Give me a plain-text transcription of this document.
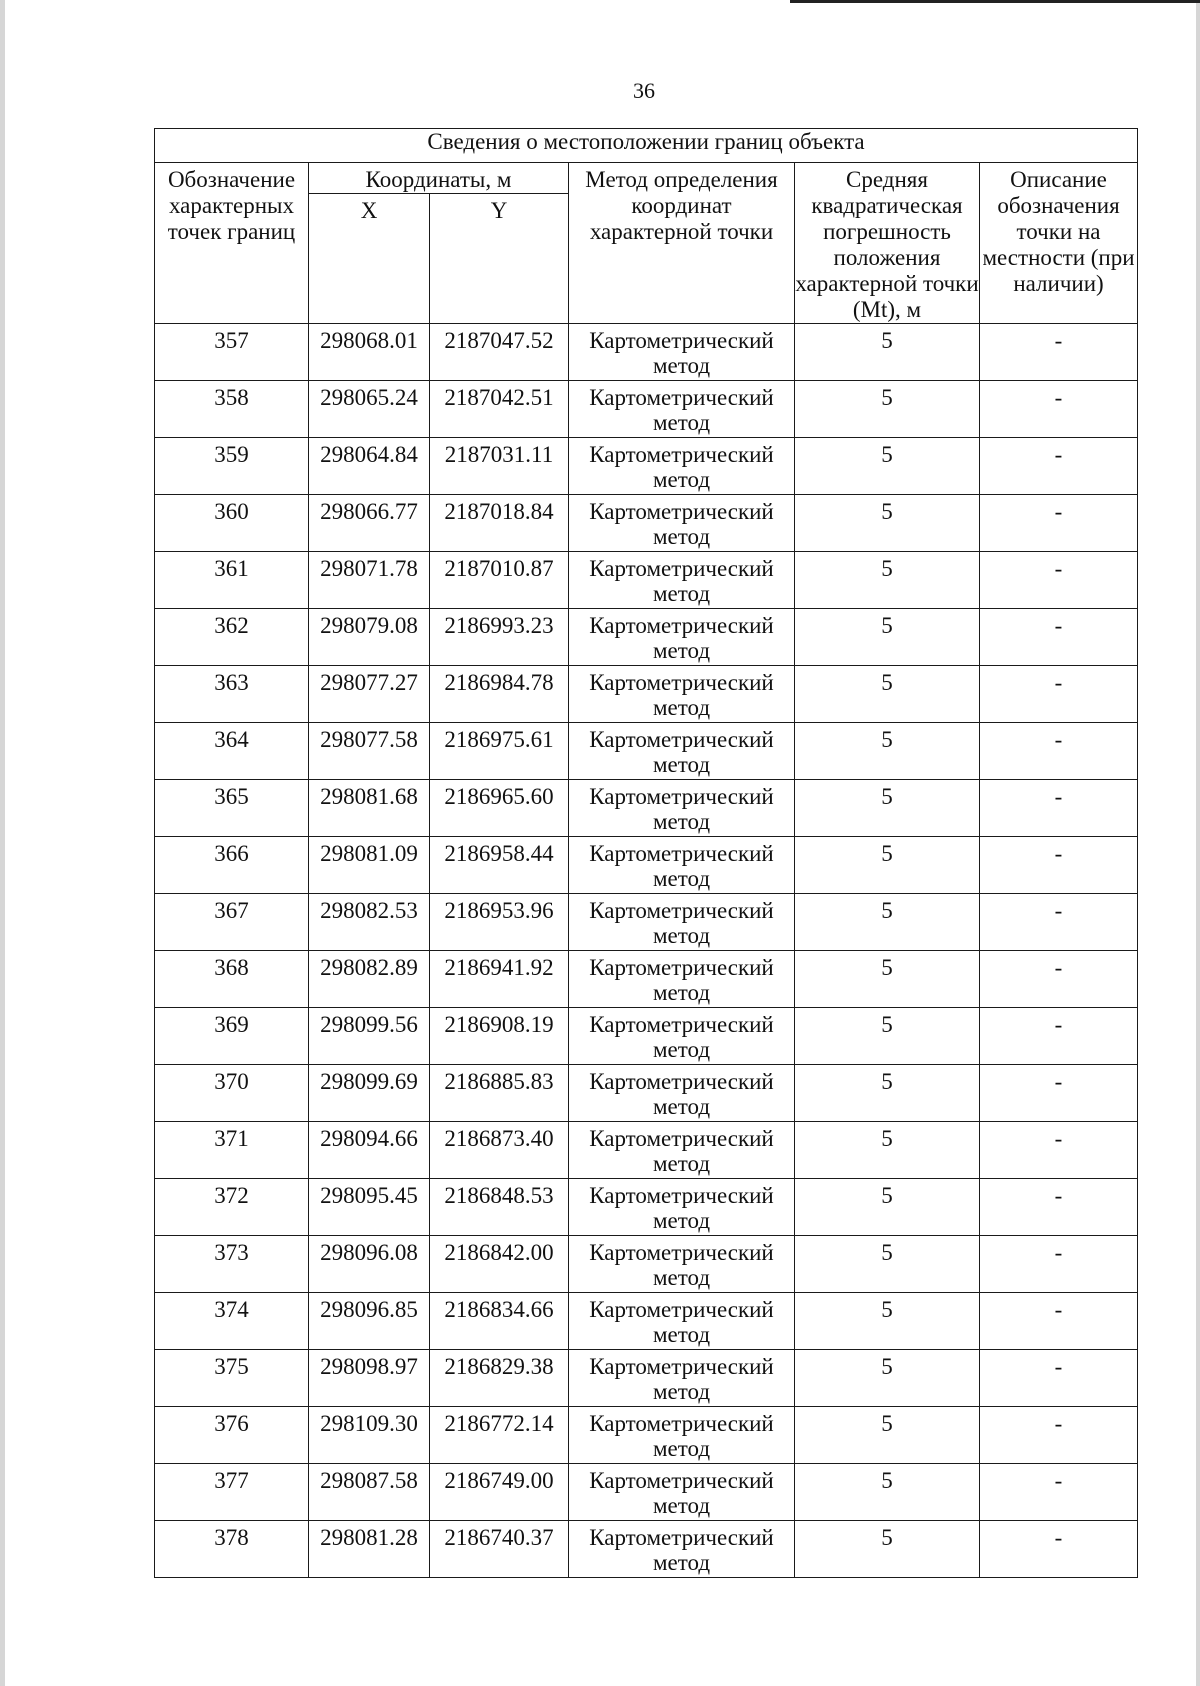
36
Сведения о местоположении границ объекта					
Обозначение характерных точек границ	Координаты, м		Метод определения координат характерной точки	Средняя квадратическая погрешность положения характерной точки (Mt), м	Описание обозначения точки на местности (при наличии)
	X	Y			
357	298068.01	2187047.52	Картометрический метод	5	-
358	298065.24	2187042.51	Картометрический метод	5	-
359	298064.84	2187031.11	Картометрический метод	5	-
360	298066.77	2187018.84	Картометрический метод	5	-
361	298071.78	2187010.87	Картометрический метод	5	-
362	298079.08	2186993.23	Картометрический метод	5	-
363	298077.27	2186984.78	Картометрический метод	5	-
364	298077.58	2186975.61	Картометрический метод	5	-
365	298081.68	2186965.60	Картометрический метод	5	-
366	298081.09	2186958.44	Картометрический метод	5	-
367	298082.53	2186953.96	Картометрический метод	5	-
368	298082.89	2186941.92	Картометрический метод	5	-
369	298099.56	2186908.19	Картометрический метод	5	-
370	298099.69	2186885.83	Картометрический метод	5	-
371	298094.66	2186873.40	Картометрический метод	5	-
372	298095.45	2186848.53	Картометрический метод	5	-
373	298096.08	2186842.00	Картометрический метод	5	-
374	298096.85	2186834.66	Картометрический метод	5	-
375	298098.97	2186829.38	Картометрический метод	5	-
376	298109.30	2186772.14	Картометрический метод	5	-
377	298087.58	2186749.00	Картометрический метод	5	-
378	298081.28	2186740.37	Картометрический метод	5	-
